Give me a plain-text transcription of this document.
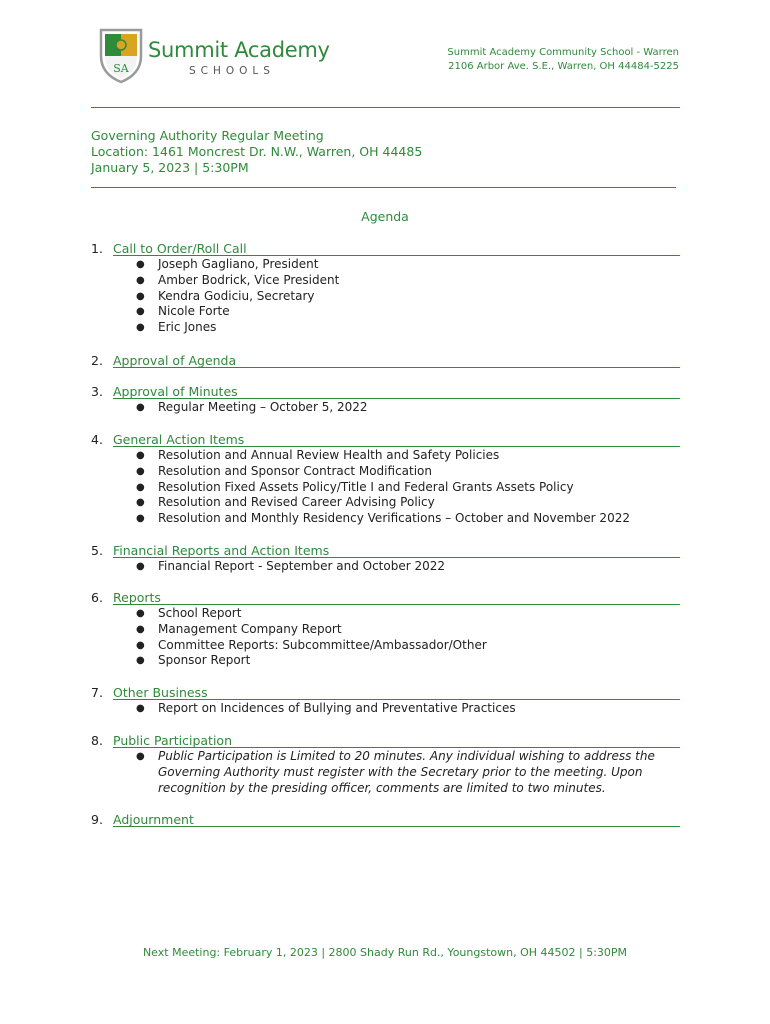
SA
Summit Academy
SCHOOLS
Summit Academy Community School - Warren
2106 Arbor Ave. S.E., Warren, OH 44484-5225
Governing Authority Regular Meeting
Location: 1461 Moncrest Dr. N.W., Warren, OH 44485
January 5, 2023 | 5:30PM
Agenda
1. Call to Order/Roll Call
● Joseph Gagliano, President
● Amber Bodrick, Vice President
● Kendra Godiciu, Secretary
● Nicole Forte
● Eric Jones
2. Approval of Agenda
3. Approval of Minutes
● Regular Meeting – October 5, 2022
4. General Action Items
● Resolution and Annual Review Health and Safety Policies
● Resolution and Sponsor Contract Modification
● Resolution Fixed Assets Policy/Title I and Federal Grants Assets Policy
● Resolution and Revised Career Advising Policy
● Resolution and Monthly Residency Verifications – October and November 2022
5. Financial Reports and Action Items
● Financial Report - September and October 2022
6. Reports
● School Report
● Management Company Report
● Committee Reports: Subcommittee/Ambassador/Other
● Sponsor Report
7. Other Business
● Report on Incidences of Bullying and Preventative Practices
8. Public Participation
● Public Participation is Limited to 20 minutes. Any individual wishing to address the Governing Authority must register with the Secretary prior to the meeting. Upon recognition by the presiding officer, comments are limited to two minutes.
9. Adjournment
Next Meeting: February 1, 2023 | 2800 Shady Run Rd., Youngstown, OH 44502 | 5:30PM
